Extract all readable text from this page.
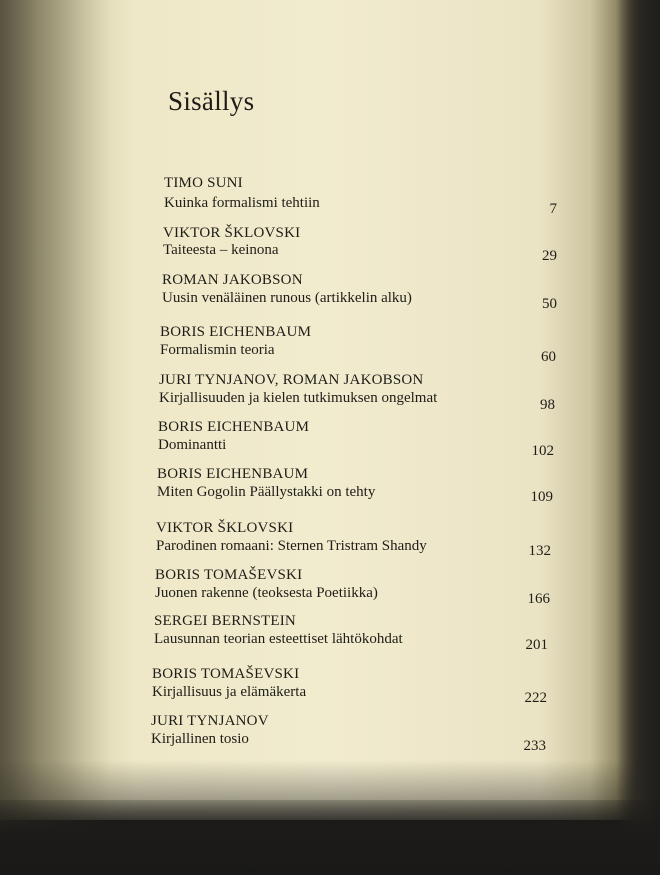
Sisällys

TIMO SUNI

Kuinka formalismi tehtiin	7

VIKTOR ŠKLOVSKI

Taiteesta – keinona	29

ROMAN JAKOBSON

Uusin venäläinen runous (artikkelin alku)	50

BORIS EICHENBAUM

Formalismin teoria	60

JURI TYNJANOV, ROMAN JAKOBSON

Kirjallisuuden ja kielen tutkimuksen ongelmat	98

BORIS EICHENBAUM

Dominantti	102

BORIS EICHENBAUM

Miten Gogolin Päällystakki on tehty	109

VIKTOR ŠKLOVSKI

Parodinen romaani: Sternen Tristram Shandy	132

BORIS TOMAŠEVSKI

Juonen rakenne (teoksesta Poetiikka)	166

SERGEI BERNSTEIN

Lausunnan teorian esteettiset lähtökohdat	201

BORIS TOMAŠEVSKI

Kirjallisuus ja elämäkerta	222

JURI TYNJANOV

Kirjallinen tosio	233
